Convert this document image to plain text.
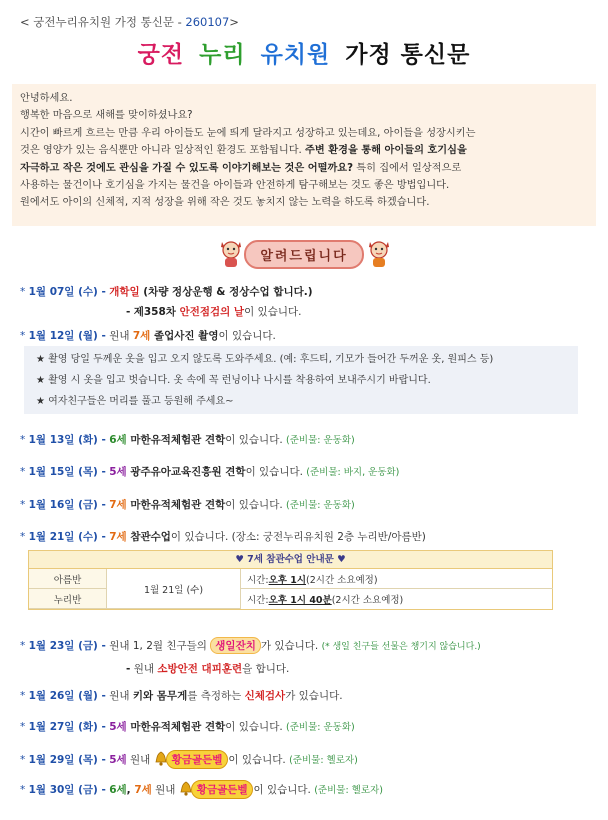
< 궁전누리유치원 가정 통신문 - 260107>
궁전 누리 유치원 가정 통신문
안녕하세요.
행복한 마음으로 새해를 맞이하셨나요?
시간이 빠르게 흐르는 만큼 우리 아이들도 눈에 띄게 달라지고 성장하고 있는데요, 아이들을 성장시키는
것은 영양가 있는 음식뿐만 아니라 일상적인 환경도 포함됩니다. 주변 환경을 통해 아이들의 호기심을
자극하고 작은 것에도 관심을 가질 수 있도록 이야기해보는 것은 어떨까요? 특히 집에서 일상적으로
사용하는 물건이나 호기심을 가지는 물건을 아이들과 안전하게 탐구해보는 것도 좋은 방법입니다.
원에서도 아이의 신체적, 지적 성장을 위해 작은 것도 놓치지 않는 노력을 하도록 하겠습니다.
알려드립니다
* 1월 07일 (수) - 개학일 (차량 정상운행 & 정상수업 합니다.)
- 제358차 안전점검의 날이 있습니다.
* 1월 12일 (월) - 원내 7세 졸업사진 촬영이 있습니다.
★ 촬영 당일 두께운 옷을 입고 오지 않도록 도와주세요. (예: 후드티, 기모가 들어간 두꺼운 옷, 원피스 등)
★ 촬영 시 옷을 입고 벗습니다. 옷 속에 꼭 런닝이나 나시를 착용하여 보내주시기 바랍니다.
★ 여자친구들은 머리를 풀고 등원해 주세요~
* 1월 13일 (화) - 6세 마한유적체험관 견학이 있습니다. (준비물: 운동화)
* 1월 15일 (목) - 5세 광주유아교육진흥원 견학이 있습니다. (준비물: 바지, 운동화)
* 1월 16일 (금) - 7세 마한유적체험관 견학이 있습니다. (준비물: 운동화)
* 1월 21일 (수) - 7세 참관수업이 있습니다. (장소: 궁전누리유치원 2층 누리반/아름반)
♥ 7세 참관수업 안내문 ♥
아름반
누리반
1월 21일 (수)
시간: 오후 1시 (2시간 소요예정)
시간: 오후 1시 40분 (2시간 소요예정)
* 1월 23일 (금) - 원내 1, 2월 친구들의 생일잔치 가 있습니다. (* 생일 친구들 선물은 챙기지 않습니다.)
- 원내 소방안전 대피훈련을 합니다.
* 1월 26일 (월) - 원내 키와 몸무게를 측정하는 신체검사가 있습니다.
* 1월 27일 (화) - 5세 마한유적체험관 견학이 있습니다. (준비물: 운동화)
* 1월 29일 (목) - 5세 원내 황금골든벨 이 있습니다. (준비물: 헬로자)
* 1월 30일 (금) - 6세, 7세 원내 황금골든벨 이 있습니다. (준비물: 헬로자)
